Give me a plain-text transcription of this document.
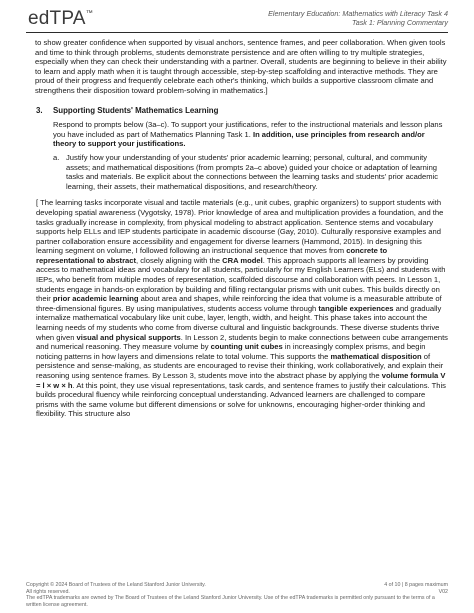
edTPA™	Elementary Education: Mathematics with Literacy Task 4
Task 1: Planning Commentary

to show greater confidence when supported by visual anchors, sentence frames, and peer collaboration. When given tools and time to think through problems, students demonstrate persistence and are often willing to try multiple strategies, especially when they can check their understanding with a partner. Overall, students are beginning to believe in their ability to learn and apply math when it is taught through accessible, step-by-step scaffolding and interactive methods. They are proud of their progress and frequently celebrate each other's thinking, which builds a supportive classroom climate and strengthens their disposition toward problem-solving in mathematics.]

3. Supporting Students' Mathematics Learning
Respond to prompts below (3a–c). To support your justifications, refer to the instructional materials and lesson plans you have included as part of Mathematics Planning Task 1. In addition, use principles from research and/or theory to support your justifications.
a. Justify how your understanding of your students' prior academic learning; personal, cultural, and community assets; and mathematical dispositions (from prompts 2a–c above) guided your choice or adaptation of learning tasks and materials. Be explicit about the connections between the learning tasks and students' prior academic learning, their assets, their mathematical dispositions, and research/theory.

[ The learning tasks incorporate visual and tactile materials (e.g., unit cubes, graphic organizers) to support students with developing spatial awareness (Vygotsky, 1978). Prior knowledge of area and multiplication provides a foundation, and the tasks gradually increase in complexity, from physical modeling to abstract application. Sentence stems and vocabulary supports help ELLs and IEP students participate in academic discourse (Gay, 2010). Culturally responsive examples and partner collaboration ensure accessibility and engagement for diverse learners (Hammond, 2015). In designing this learning segment on volume, I followed following an instructional sequence that moves from concrete to representational to abstract, closely aligning with the CRA model. This approach supports all learners by providing access to mathematical ideas and vocabulary for all students, particularly for my English Learners (ELs) and students with IEPs, who benefit from multiple modes of representation, scaffolded discourse and collaboration with peers. In Lesson 1, students engage in hands-on exploration by building and filling rectangular prisms with unit cubes. This builds directly on their prior academic learning about area and shapes, while reinforcing the idea that volume is a measurable attribute of three-dimensional figures. By using manipulatives, students access volume through tangible experiences and gradually internalize mathematical vocabulary like unit cube, layer, length, width, and height. This phase takes into account the learning needs of my students who come from diverse cultural and linguistic backgrounds. These diverse students thrive when given visual and physical supports. In Lesson 2, students begin to make connections between cube arrangements and numerical reasoning. They measure volume by counting unit cubes in increasingly complex prisms, and begin noticing patterns in how layers and dimensions relate to total volume. This supports the mathematical disposition of persistence and sense-making, as students are encouraged to revise their thinking, work collaboratively, and explain their reasoning using sentence frames. By Lesson 3, students move into the abstract phase by applying the volume formula V = l × w × h. At this point, they use visual representations, task cards, and sentence frames to justify their calculations. This builds procedural fluency while reinforcing conceptual understanding. Advanced learners are challenged to compare prisms with the same volume but different dimensions or solve for unknowns, encouraging higher-order thinking and flexibility. This structure also

Copyright © 2024 Board of Trustees of the Leland Stanford Junior University.
All rights reserved.
4 of 10 | 8 pages maximum
V02
The edTPA trademarks are owned by The Board of Trustees of the Leland Stanford Junior University. Use of the edTPA trademarks is permitted only pursuant to the terms of a written license agreement.
